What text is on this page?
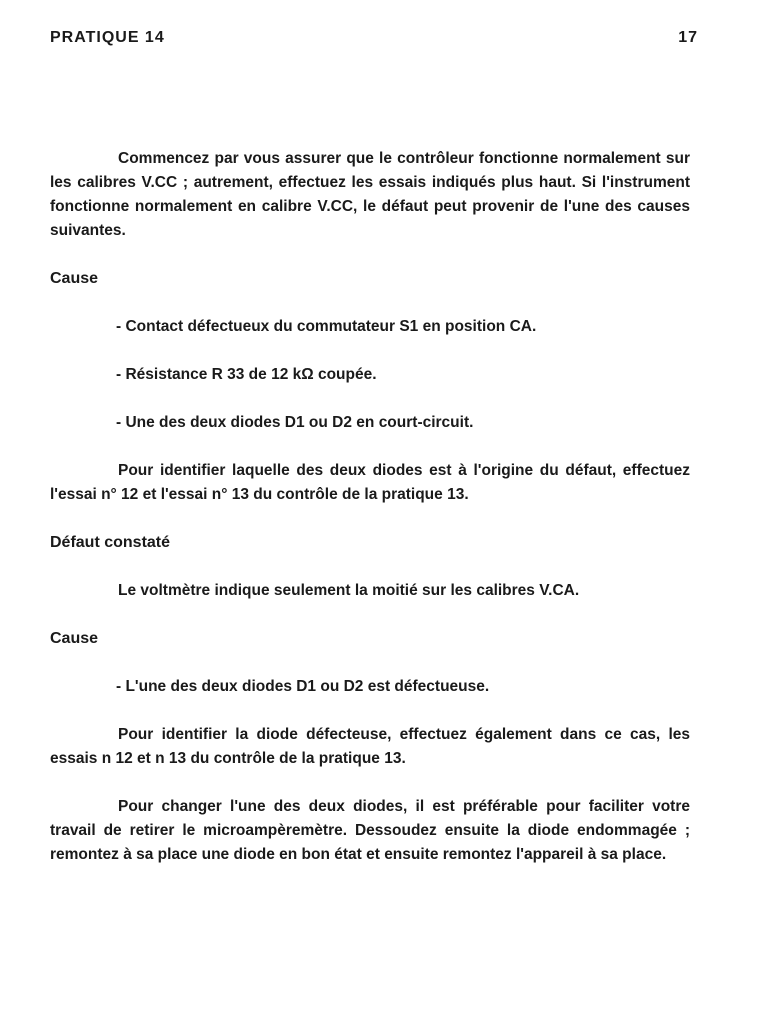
PRATIQUE 14	17

Commencez par vous assurer que le contrôleur fonctionne normalement sur les calibres V.CC ; autrement, effectuez les essais indiqués plus haut. Si l'instrument fonctionne normalement en calibre V.CC, le défaut peut provenir de l'une des causes suivantes.

Cause
- Contact défectueux du commutateur S1 en position CA.
- Résistance R 33 de 12 kΩ coupée.
- Une des deux diodes D1 ou D2 en court-circuit.

Pour identifier laquelle des deux diodes est à l'origine du défaut, effectuez l'essai n° 12 et l'essai n° 13 du contrôle de la pratique 13.

Défaut constaté

Le voltmètre indique seulement la moitié sur les calibres V.CA.

Cause
- L'une des deux diodes D1 ou D2 est défectueuse.

Pour identifier la diode défecteuse, effectuez également dans ce cas, les essais n 12 et n 13 du contrôle de la pratique 13.

Pour changer l'une des deux diodes, il est préférable pour faciliter votre travail de retirer le microampèremètre. Dessoudez ensuite la diode endommagée ; remontez à sa place une diode en bon état et ensuite remontez l'appareil à sa place.
